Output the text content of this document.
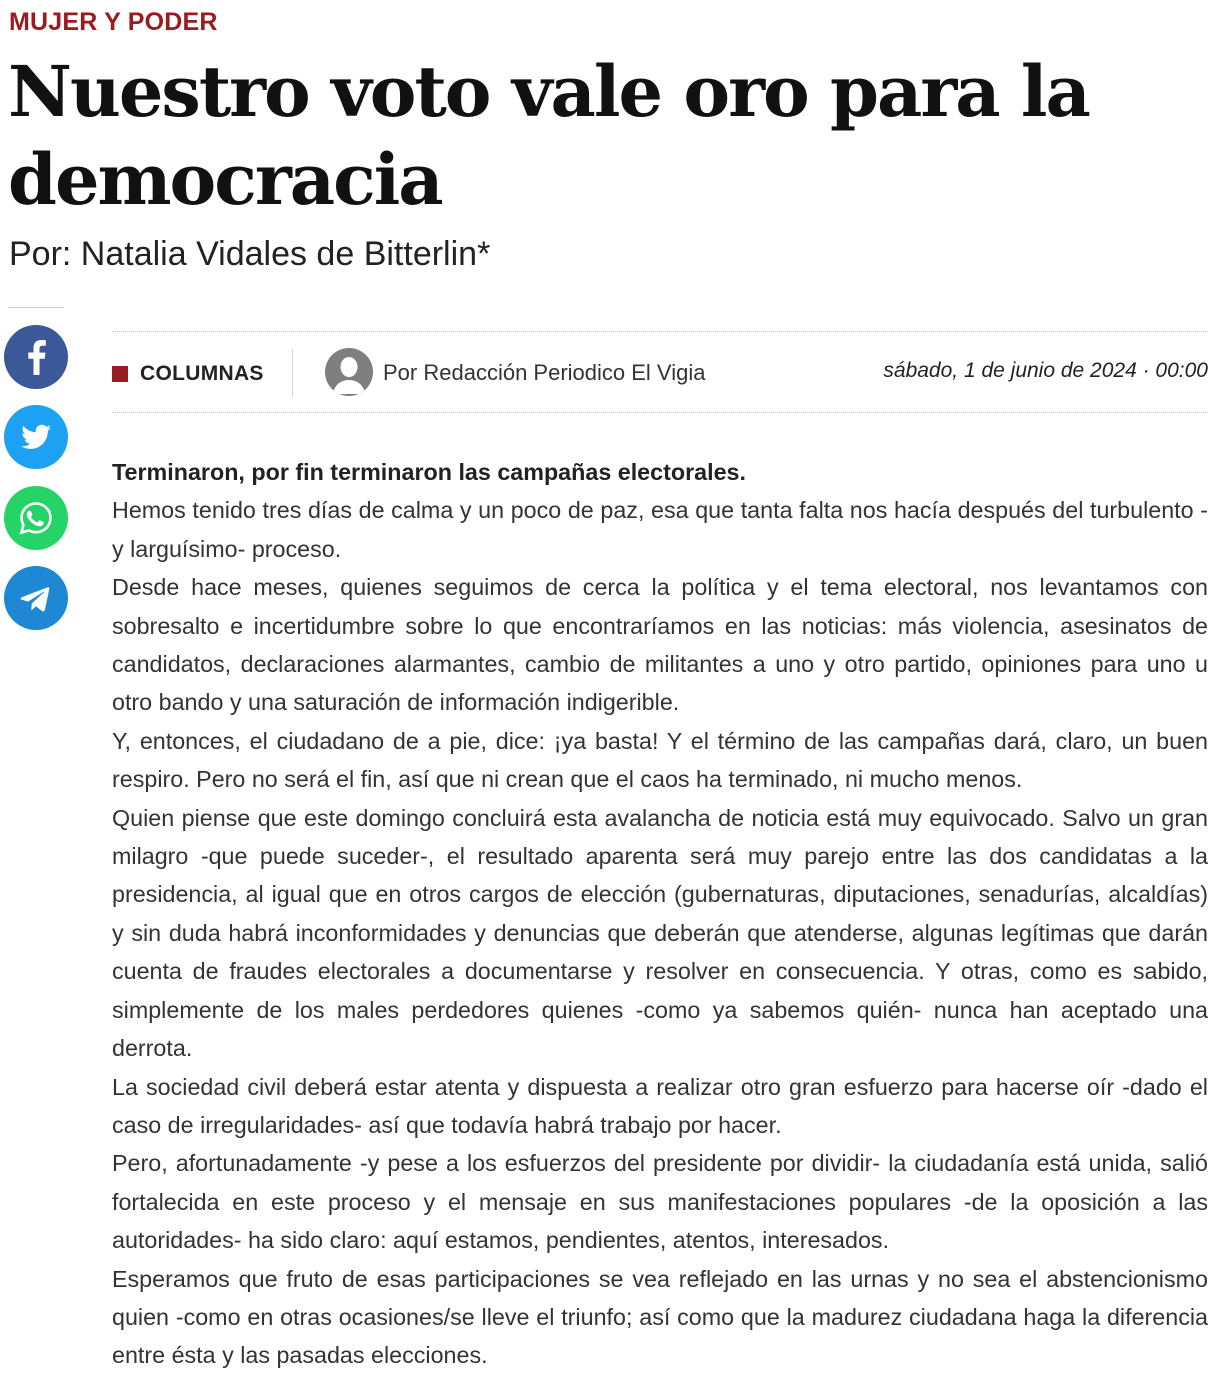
MUJER Y PODER
Nuestro voto vale oro para la democracia
Por: Natalia Vidales de Bitterlin*
COLUMNAS	Por Redacción Periodico El Vigia	sábado, 1 de junio de 2024 · 00:00

Terminaron, por fin terminaron las campañas electorales.

Hemos tenido tres días de calma y un poco de paz, esa que tanta falta nos hacía después del turbulento -y larguísimo- proceso.

Desde hace meses, quienes seguimos de cerca la política y el tema electoral, nos levantamos con sobresalto e incertidumbre sobre lo que encontraríamos en las noticias: más violencia, asesinatos de candidatos, declaraciones alarmantes, cambio de militantes a uno y otro partido, opiniones para uno u otro bando y una saturación de información indigerible.

Y, entonces, el ciudadano de a pie, dice: ¡ya basta! Y el término de las campañas dará, claro, un buen respiro. Pero no será el fin, así que ni crean que el caos ha terminado, ni mucho menos.

Quien piense que este domingo concluirá esta avalancha de noticia está muy equivocado. Salvo un gran milagro -que puede suceder-, el resultado aparenta será muy parejo entre las dos candidatas a la presidencia, al igual que en otros cargos de elección (gubernaturas, diputaciones, senadurías, alcaldías) y sin duda habrá inconformidades y denuncias que deberán que atenderse, algunas legítimas que darán cuenta de fraudes electorales a documentarse y resolver en consecuencia. Y otras, como es sabido, simplemente de los males perdedores quienes -como ya sabemos quién- nunca han aceptado una derrota.

La sociedad civil deberá estar atenta y dispuesta a realizar otro gran esfuerzo para hacerse oír -dado el caso de irregularidades- así que todavía habrá trabajo por hacer.

Pero, afortunadamente -y pese a los esfuerzos del presidente por dividir- la ciudadanía está unida, salió fortalecida en este proceso y el mensaje en sus manifestaciones populares -de la oposición a las autoridades- ha sido claro: aquí estamos, pendientes, atentos, interesados.

Esperamos que fruto de esas participaciones se vea reflejado en las urnas y no sea el abstencionismo quien -como en otras ocasiones/se lleve el triunfo; así como que la madurez ciudadana haga la diferencia entre ésta y las pasadas elecciones.
